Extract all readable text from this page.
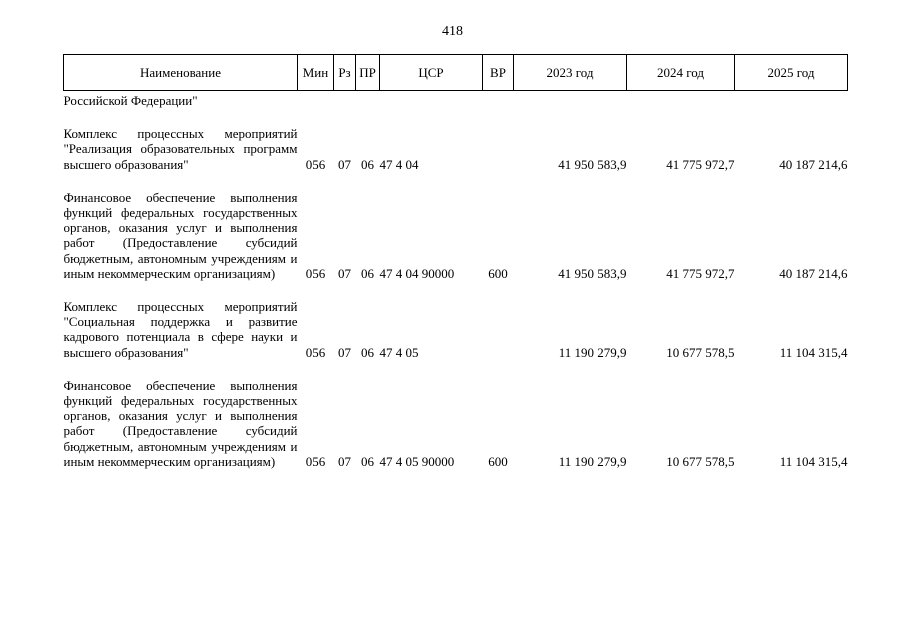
418
Наименование	Мин	Рз	ПР	ЦСР	ВР	2023 год	2024 год	2025 год
Российской Федерации"								

Комплекс процессных мероприятий "Реализация образовательных программ высшего образования"	056	07	06	47 4 04		41 950 583,9	41 775 972,7	40 187 214,6

Финансовое обеспечение выполнения функций федеральных государственных органов, оказания услуг и выполнения работ (Предоставление субсидий бюджетным, автономным учреждениям и иным некоммерческим организациям)	056	07	06	47 4 04 90000	600	41 950 583,9	41 775 972,7	40 187 214,6

Комплекс процессных мероприятий "Социальная поддержка и развитие кадрового потенциала в сфере науки и высшего образования"	056	07	06	47 4 05		11 190 279,9	10 677 578,5	11 104 315,4

Финансовое обеспечение выполнения функций федеральных государственных органов, оказания услуг и выполнения работ (Предоставление субсидий бюджетным, автономным учреждениям и иным некоммерческим организациям)	056	07	06	47 4 05 90000	600	11 190 279,9	10 677 578,5	11 104 315,4
